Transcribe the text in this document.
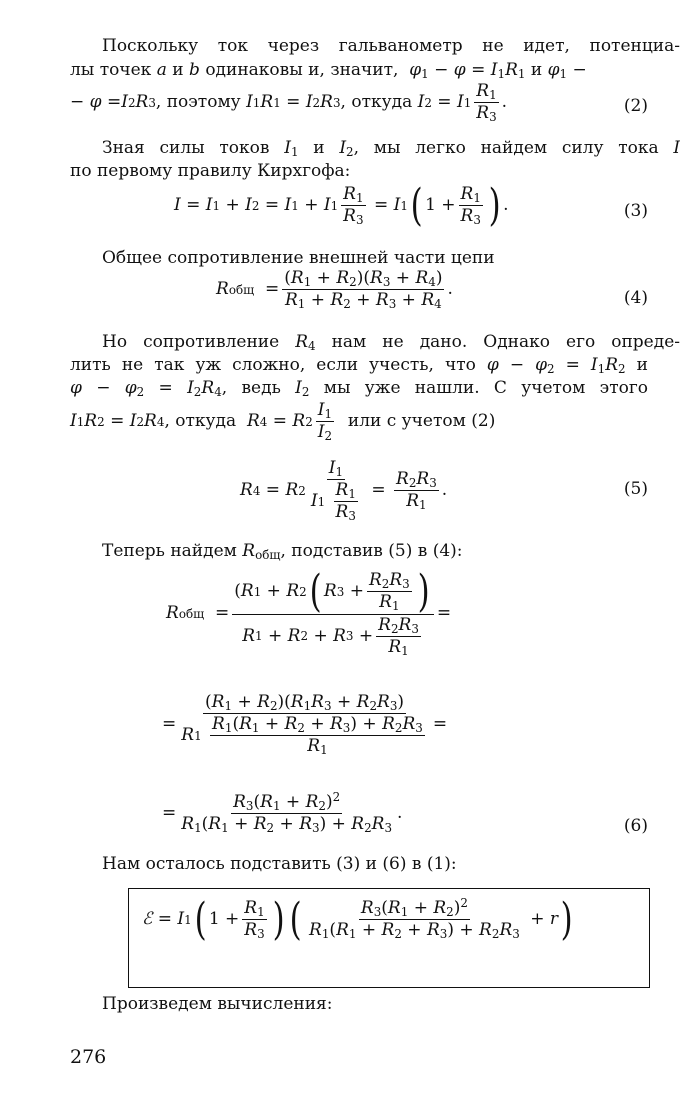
Поскольку ток через гальванометр не идет, потенциа-
лы точек a и b одинаковы и, значит, $\varphi_1 - \varphi = I_1R_1$ и $\varphi_1$ −
− φ = I 2 R 3 , поэтому
I 1 R 1 = I 2 R 3 , откуда
I 2 = I $1 \frac{R_1}{R_3}$ .	(2)
Зная силы токов $I_1$ и $I_2$, мы легко найдем силу тока I
по первому правилу Кирхгофа:
I = I 1 + I 2 = I 1 + I $1 \frac{R_1}{R_3} = I$ 1 ( $1 + \frac{R_1}{R_3}$ ) .	(3)
Общее сопротивление внешней части цепи
R общ = $\frac{(R_1 + R_2)(R_3 + R_4)}{R_1 + R_2 + R_3 + R_4}$ .	(4)
Но сопротивление $R_4$ нам не дано. Однако его опреде-
лить не так уж сложно, если учесть, что $\varphi - \varphi_2 = I_1R_2$ и
$\varphi - \varphi_2 = I_2R_4$, ведь $I_2$ мы уже нашли. С учетом этого
I 1 R 2 = I 2 R 4 , откуда
R 4 = R $2 \frac{I_1}{I_2}$
или с учетом (2)
R 4 = R 2 $I_1$
I 1
$\frac{R_1}{R_3} = \frac{R_2R_3}{R_1}$ .	(5)
Теперь найдем $R_{общ}$, подставив (5) в (4):
R общ = $\frac{( R 1 + R 2 ( R 3 + \frac{R_2R_3}{R_1} )}{R 1 + R 2 + R 3 + \frac{R_2R_3}{R_1}}$ =
= $(R_1 + R_2)(R_1R_3 + R_2R_3)$
R 1
$\frac{R_1(R_1 + R_2 + R_3) + R_2R_3}{R_1}$ =
= $\frac{R_3(R_1 + R_2)^2}{R_1(R_1 + R_2 + R_3) + R_2R_3}$ .
(6)
Нам осталось подставить (3) и (6) в (1):
ℰ = I 1 ( $1 + \frac{R_1}{R_3}$ ) ( $\frac{R_3(R_1 + R_2)^2}{R_1(R_1 + R_2 + R_3) + R_2R_3} + r$ )
Произведем вычисления:
276
